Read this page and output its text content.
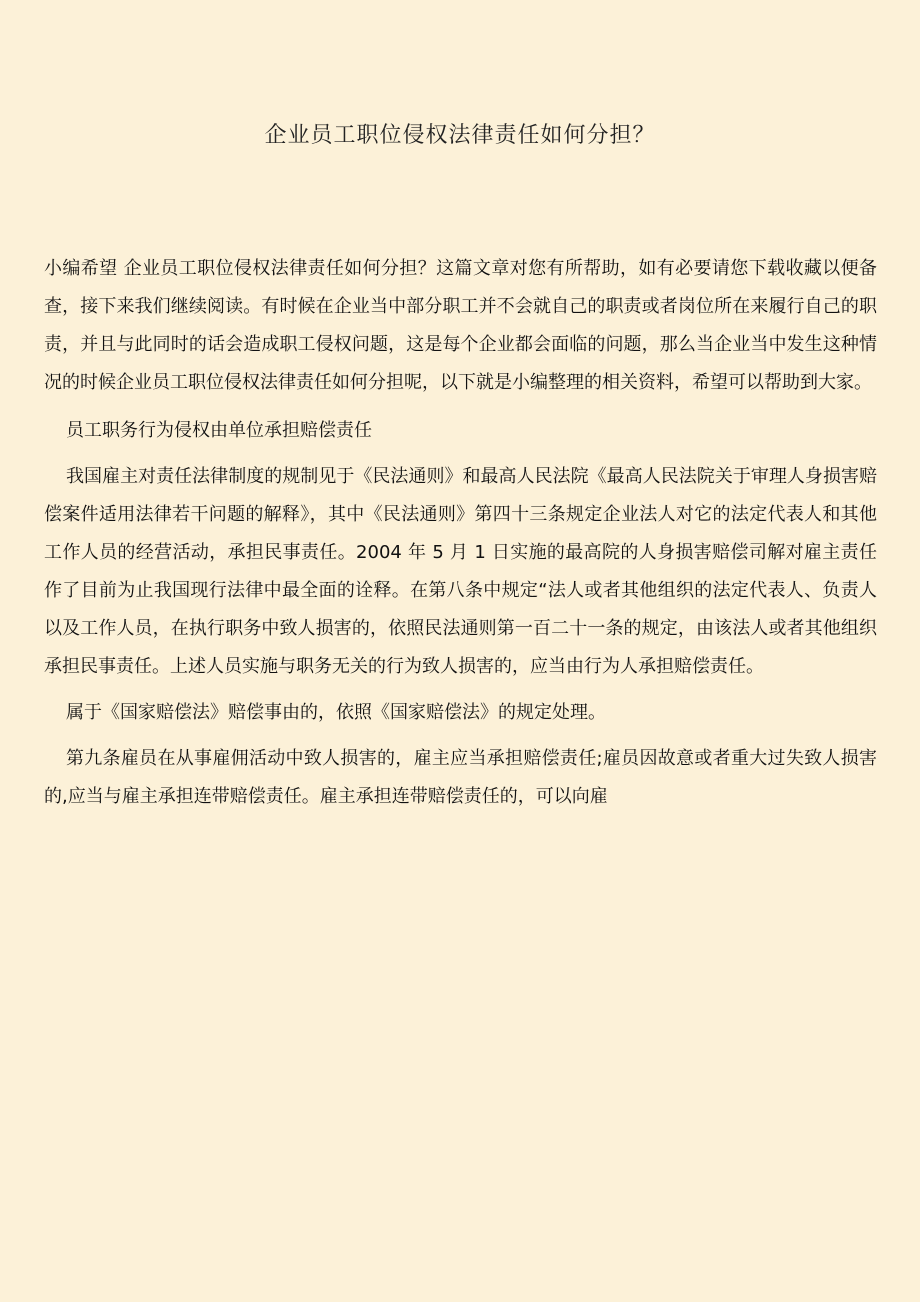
企业员工职位侵权法律责任如何分担？

小编希望 企业员工职位侵权法律责任如何分担？这篇文章对您有所帮助，如有必要请您下载收藏以便备查，接下来我们继续阅读。有时候在企业当中部分职工并不会就自己的职责或者岗位所在来履行自己的职责，并且与此同时的话会造成职工侵权问题，这是每个企业都会面临的问题，那么当企业当中发生这种情况的时候企业员工职位侵权法律责任如何分担呢，以下就是小编整理的相关资料，希望可以帮助到大家。

员工职务行为侵权由单位承担赔偿责任

我国雇主对责任法律制度的规制见于《民法通则》和最高人民法院《最高人民法院关于审理人身损害赔偿案件适用法律若干问题的解释》，其中《民法通则》第四十三条规定企业法人对它的法定代表人和其他工作人员的经营活动，承担民事责任。2004 年 5 月 1 日实施的最高院的人身损害赔偿司解对雇主责任作了目前为止我国现行法律中最全面的诠释。在第八条中规定“法人或者其他组织的法定代表人、负责人以及工作人员，在执行职务中致人损害的，依照民法通则第一百二十一条的规定，由该法人或者其他组织承担民事责任。上述人员实施与职务无关的行为致人损害的，应当由行为人承担赔偿责任。

属于《国家赔偿法》赔偿事由的，依照《国家赔偿法》的规定处理。

第九条雇员在从事雇佣活动中致人损害的，雇主应当承担赔偿责任;雇员因故意或者重大过失致人损害的,应当与雇主承担连带赔偿责任。雇主承担连带赔偿责任的，可以向雇
